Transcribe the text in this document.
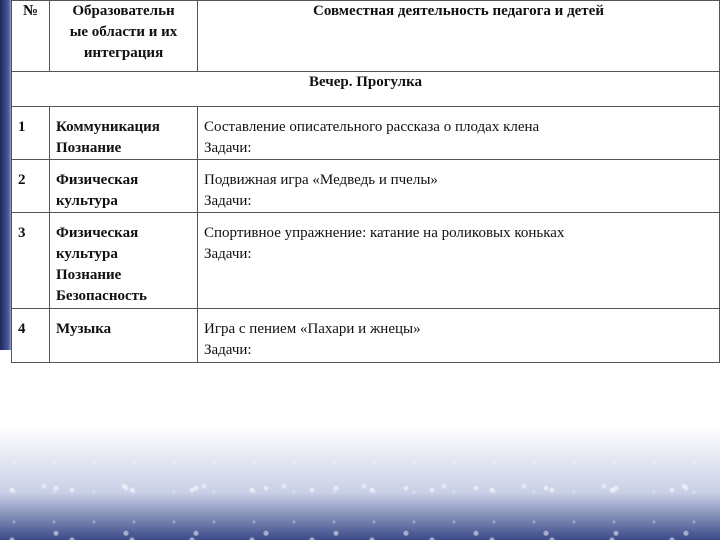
№	Образовательн
ые области и их
интеграция	Совместная деятельность педагога и детей
Вечер. Прогулка		
1	Коммуникация
Познание	Составление описательного рассказа о плодах клена
Задачи:

2	Физическая
культура	Подвижная игра «Медведь и пчелы»
Задачи:

3	Физическая
культура
Познание
Безопасность	Спортивное упражнение: катание на роликовых коньках
Задачи:

4	Музыка	Игра с пением «Пахари и жнецы»
Задачи:
